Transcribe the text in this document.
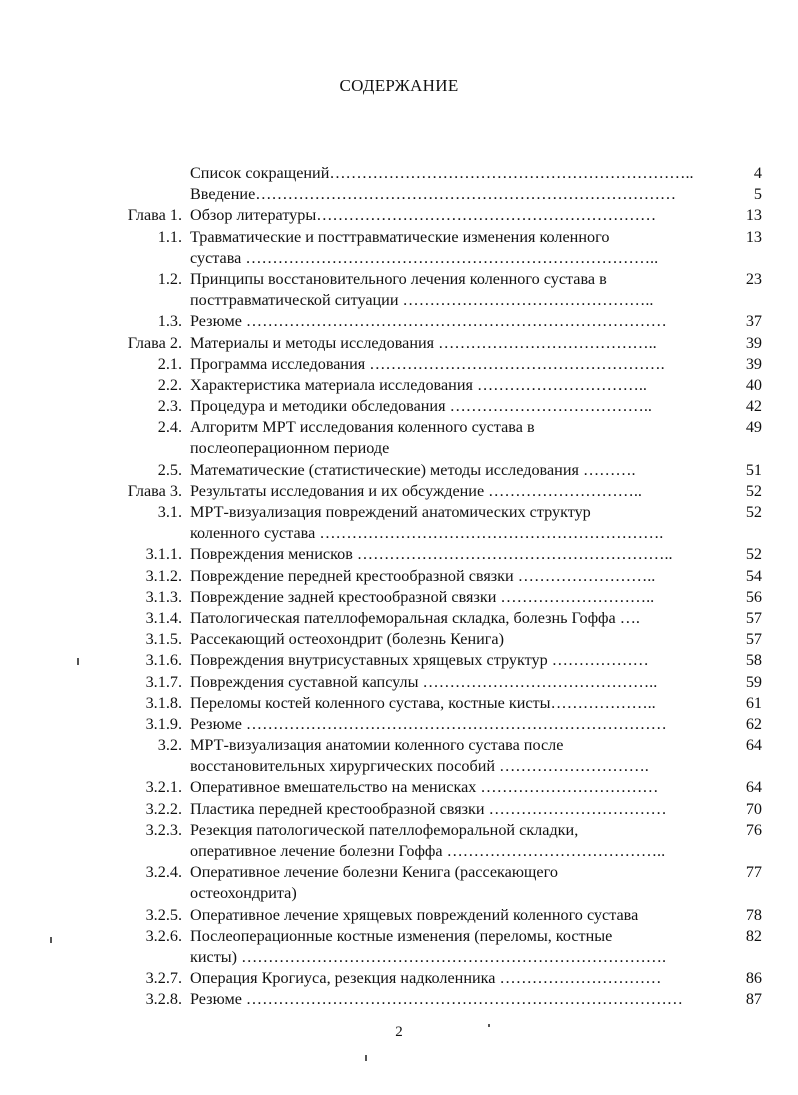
СОДЕРЖАНИЕ
Список сокращений…………………………………………………………..	4
Введение……………………………………………………………………	5
Глава 1. Обзор литературы………………………………………………………	13
1.1. Травматические и посттравматические изменения коленного	13
сустава …………………………………………………………………..
1.2. Принципы восстановительного лечения коленного сустава в	23
посттравматической ситуации ………………………………………..
1.3. Резюме ……………………………………………………………………	37
Глава 2. Материалы и методы исследования …………………………………..	39
2.1. Программа исследования ……………………………………………….	39
2.2. Характеристика материала исследования …………………………..	40
2.3. Процедура и методики обследования ………………………………..	42
2.4. Алгоритм МРТ исследования коленного сустава в	49
послеоперационном периоде
2.5. Математические (статистические) методы исследования ……….	51
Глава 3. Результаты исследования и их обсуждение ………………………..	52
3.1. МРТ-визуализация повреждений анатомических структур	52
коленного сустава ……………………………………………………….
3.1.1. Повреждения менисков …………………………………………………..	52
3.1.2. Повреждение передней крестообразной связки ……………………..	54
3.1.3. Повреждение задней крестообразной связки ………………………..	56
3.1.4. Патологическая пателлофеморальная складка, болезнь Гоффа ….	57
3.1.5. Рассекающий остеохондрит (болезнь Кенига)	57
3.1.6. Повреждения внутрисуставных хрящевых структур ………………	58
3.1.7. Повреждения суставной капсулы ……………………………………..	59
3.1.8. Переломы костей коленного сустава, костные кисты………………..	61
3.1.9. Резюме ……………………………………………………………………	62
3.2. МРТ-визуализация анатомии коленного сустава после	64
восстановительных хирургических пособий ……………………….
3.2.1. Оперативное вмешательство на менисках ……………………………	64
3.2.2. Пластика передней крестообразной связки ……………………………	70
3.2.3. Резекция патологической пателлофеморальной складки,	76
оперативное лечение болезни Гоффа …………………………………..
3.2.4. Оперативное лечение болезни Кенига (рассекающего	77
остеохондрита)
3.2.5. Оперативное лечение хрящевых повреждений коленного сустава	78
3.2.6. Послеоперационные костные изменения (переломы, костные	82
кисты) …………………………………………………………………….
3.2.7. Операция Крогиуса, резекция надколенника …………………………	86
3.2.8. Резюме ………………………………………………………………………	87
2
